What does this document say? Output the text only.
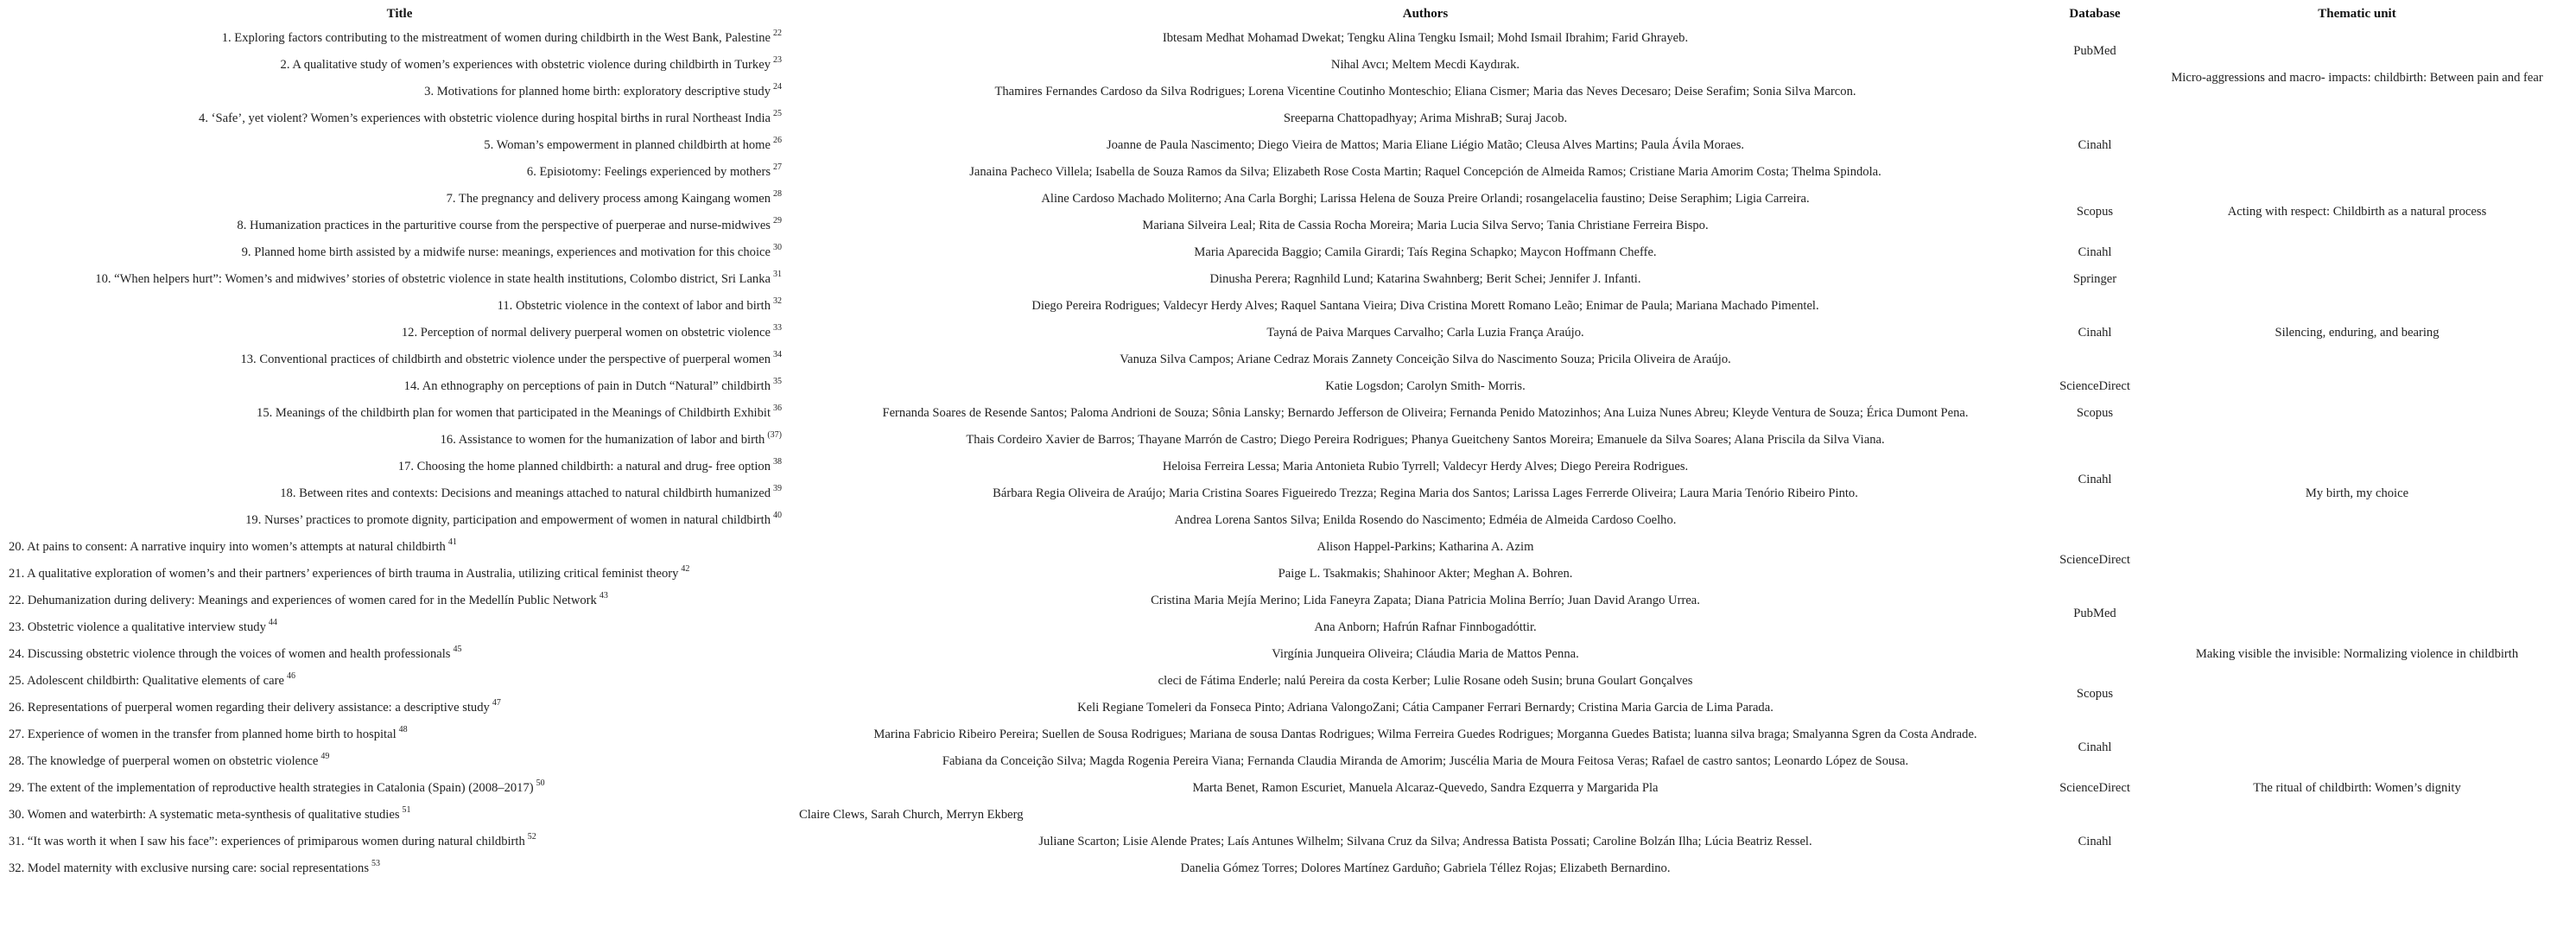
Title	Authors	Database	Thematic unit
1. Exploring factors contributing to the mistreatment of women during childbirth in the West Bank, Palestine $^{22}$	Ibtesam Medhat Mohamad Dwekat; Tengku Alina Tengku Ismail; Mohd Ismail Ibrahim; Farid Ghrayeb.	PubMed	Micro-aggressions and macro- impacts: childbirth: Between pain and fear
2. A qualitative study of women’s experiences with obstetric violence during childbirth in Turkey $^{23}$	Nihal Avcı; Meltem Mecdi Kaydırak.		
3. Motivations for planned home birth: exploratory descriptive study $^{24}$	Thamires Fernandes Cardoso da Silva Rodrigues; Lorena Vicentine Coutinho Monteschio; Eliana Cismer; Maria das Neves Decesaro; Deise Serafim; Sonia Silva Marcon.		
4. ‘Safe’, yet violent? Women’s experiences with obstetric violence during hospital births in rural Northeast India $^{25}$	Sreeparna Chattopadhyay; Arima MishraB; Suraj Jacob.	Cinahl	
5. Woman’s empowerment in planned childbirth at home $^{26}$	Joanne de Paula Nascimento; Diego Vieira de Mattos; Maria Eliane Liégio Matão; Cleusa Alves Martins; Paula Ávila Moraes.		Acting with respect: Childbirth as a natural process
6. Episiotomy: Feelings experienced by mothers $^{27}$	Janaina Pacheco Villela; Isabella de Souza Ramos da Silva; Elizabeth Rose Costa Martin; Raquel Concepción de Almeida Ramos; Cristiane Maria Amorim Costa; Thelma Spindola.		
7. The pregnancy and delivery process among Kaingang women $^{28}$	Aline Cardoso Machado Moliterno; Ana Carla Borghi; Larissa Helena de Souza Preire Orlandi; rosangelacelia faustino; Deise Seraphim; Ligia Carreira.	Scopus	
8. Humanization practices in the parturitive course from the perspective of puerperae and nurse-midwives $^{29}$	Mariana Silveira Leal; Rita de Cassia Rocha Moreira; Maria Lucia Silva Servo; Tania Christiane Ferreira Bispo.		
9. Planned home birth assisted by a midwife nurse: meanings, experiences and motivation for this choice $^{30}$	Maria Aparecida Baggio; Camila Girardi; Taís Regina Schapko; Maycon Hoffmann Cheffe.	Cinahl	
10. “When helpers hurt”: Women’s and midwives’ stories of obstetric violence in state health institutions, Colombo district, Sri Lanka $^{31}$	Dinusha Perera; Ragnhild Lund; Katarina Swahnberg; Berit Schei; Jennifer J. Infanti.	Springer	
11. Obstetric violence in the context of labor and birth $^{32}$	Diego Pereira Rodrigues; Valdecyr Herdy Alves; Raquel Santana Vieira; Diva Cristina Morett Romano Leão; Enimar de Paula; Mariana Machado Pimentel.	Cinahl	Silencing, enduring, and bearing
12. Perception of normal delivery puerperal women on obstetric violence $^{33}$	Tayná de Paiva Marques Carvalho; Carla Luzia França Araújo.		
13. Conventional practices of childbirth and obstetric violence under the perspective of puerperal women $^{34}$	Vanuza Silva Campos; Ariane Cedraz Morais Zannety Conceição Silva do Nascimento Souza; Pricila Oliveira de Araújo.		
14. An ethnography on perceptions of pain in Dutch “Natural” childbirth $^{35}$	Katie Logsdon; Carolyn Smith- Morris.	ScienceDirect	My birth, my choice
15. Meanings of the childbirth plan for women that participated in the Meanings of Childbirth Exhibit $^{36}$	Fernanda Soares de Resende Santos; Paloma Andrioni de Souza; Sônia Lansky; Bernardo Jefferson de Oliveira; Fernanda Penido Matozinhos; Ana Luiza Nunes Abreu; Kleyde Ventura de Souza; Érica Dumont Pena.	Scopus	
16. Assistance to women for the humanization of labor and birth $^{(37)}$	Thais Cordeiro Xavier de Barros; Thayane Marrón de Castro; Diego Pereira Rodrigues; Phanya Gueitcheny Santos Moreira; Emanuele da Silva Soares; Alana Priscila da Silva Viana.	Cinahl	
17. Choosing the home planned childbirth: a natural and drug- free option $^{38}$	Heloisa Ferreira Lessa; Maria Antonieta Rubio Tyrrell; Valdecyr Herdy Alves; Diego Pereira Rodrigues.		
18. Between rites and contexts: Decisions and meanings attached to natural childbirth humanized $^{39}$	Bárbara Regia Oliveira de Araújo; Maria Cristina Soares Figueiredo Trezza; Regina Maria dos Santos; Larissa Lages Ferrerde Oliveira; Laura Maria Tenório Ribeiro Pinto.		
19. Nurses’ practices to promote dignity, participation and empowerment of women in natural childbirth $^{40}$	Andrea Lorena Santos Silva; Enilda Rosendo do Nascimento; Edméia de Almeida Cardoso Coelho.		
20. At pains to consent: A narrative inquiry into women’s attempts at natural childbirth $^{41}$	Alison Happel-Parkins; Katharina A. Azim	ScienceDirect	
21. A qualitative exploration of women’s and their partners’ experiences of birth trauma in Australia, utilizing critical feminist theory $^{42}$	Paige L. Tsakmakis; Shahinoor Akter; Meghan A. Bohren.		
22. Dehumanization during delivery: Meanings and experiences of women cared for in the Medellín Public Network $^{43}$	Cristina Maria Mejía Merino; Lida Faneyra Zapata; Diana Patricia Molina Berrío; Juan David Arango Urrea.	PubMed	
23. Obstetric violence a qualitative interview study $^{44}$	Ana Anborn; Hafrún Rafnar Finnbogadóttir.		Making visible the invisible: Normalizing violence in childbirth
24. Discussing obstetric violence through the voices of women and health professionals $^{45}$	Virgínia Junqueira Oliveira; Cláudia Maria de Mattos Penna.		
25. Adolescent childbirth: Qualitative elements of care $^{46}$	cleci de Fátima Enderle; nalú Pereira da costa Kerber; Lulie Rosane odeh Susin; bruna Goulart Gonçalves	Scopus	
26. Representations of puerperal women regarding their delivery assistance: a descriptive study $^{47}$	Keli Regiane Tomeleri da Fonseca Pinto; Adriana ValongoZani; Cátia Campaner Ferrari Bernardy; Cristina Maria Garcia de Lima Parada.		The ritual of childbirth: Women’s dignity
27. Experience of women in the transfer from planned home birth to hospital $^{48}$	Marina Fabricio Ribeiro Pereira; Suellen de Sousa Rodrigues; Mariana de sousa Dantas Rodrigues; Wilma Ferreira Guedes Rodrigues; Morganna Guedes Batista; luanna silva braga; Smalyanna Sgren da Costa Andrade.	Cinahl	
28. The knowledge of puerperal women on obstetric violence $^{49}$	Fabiana da Conceição Silva; Magda Rogenia Pereira Viana; Fernanda Claudia Miranda de Amorim; Juscélia Maria de Moura Feitosa Veras; Rafael de castro santos; Leonardo López de Sousa.		
29. The extent of the implementation of reproductive health strategies in Catalonia (Spain) (2008–2017) $^{50}$	Marta Benet, Ramon Escuriet, Manuela Alcaraz-Quevedo, Sandra Ezquerra y Margarida Pla	ScienceDirect	
30. Women and waterbirth: A systematic meta-synthesis of qualitative studies $^{51}$	Claire Clews, Sarah Church, Merryn Ekberg		
31. “It was worth it when I saw his face”: experiences of primiparous women during natural childbirth $^{52}$	Juliane Scarton; Lisie Alende Prates; Laís Antunes Wilhelm; Silvana Cruz da Silva; Andressa Batista Possati; Caroline Bolzán Ilha; Lúcia Beatriz Ressel.	Cinahl	
32. Model maternity with exclusive nursing care: social representations $^{53}$	Danelia Gómez Torres; Dolores Martínez Garduño; Gabriela Téllez Rojas; Elizabeth Bernardino.		
